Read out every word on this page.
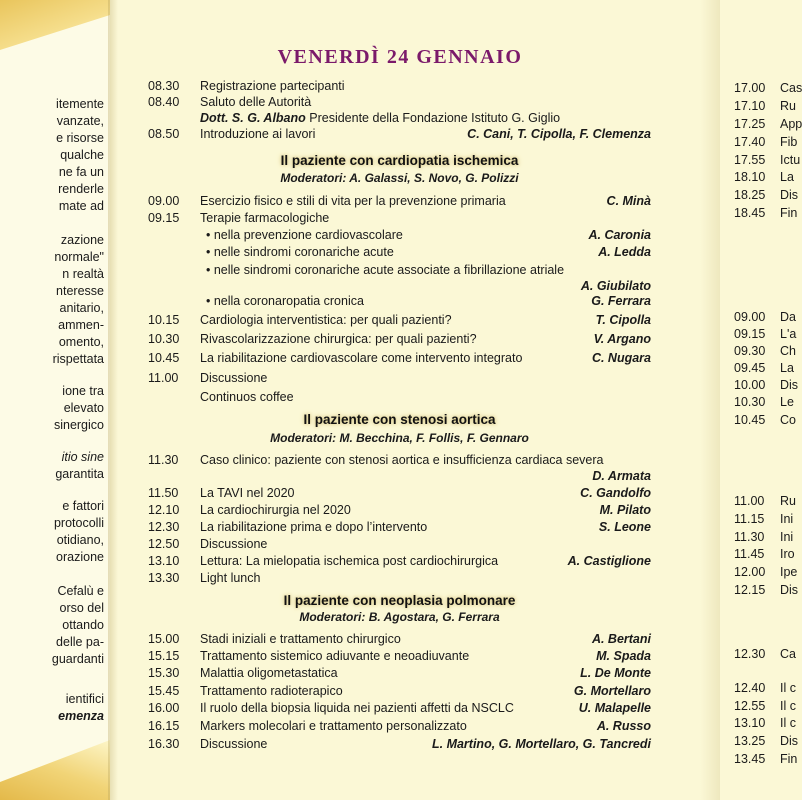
itemente
vanzate,
e risorse
qualche
ne fa un
renderle
mate ad
zazione
normale"
n realtà
nteresse
anitario,
ammen-
omento,
rispettata
ione tra
elevato
sinergico
itio sine
garantita
e fattori
protocolli
otidiano,
orazione
Cefalù e
orso del
ottando
delle pa-
guardanti
ientifici
emenza
VENERDÌ 24 GENNAIO
08.30 Registrazione partecipanti
08.40 Saluto delle Autorità
Dott. S. G. Albano Presidente della Fondazione Istituto G. Giglio
08.50 Introduzione ai lavori	C. Cani, T. Cipolla, F. Clemenza
Il paziente con cardiopatia ischemica
Moderatori: A. Galassi, S. Novo, G. Polizzi
09.00 Esercizio fisico e stili di vita per la prevenzione primaria	C. Minà
09.15 Terapie farmacologiche
• nella prevenzione cardiovascolare	A. Caronia
• nelle sindromi coronariche acute	A. Ledda
• nelle sindromi coronariche acute associate a fibrillazione atriale
A. Giubilato
• nella coronaropatia cronica	G. Ferrara
10.15 Cardiologia interventistica: per quali pazienti?	T. Cipolla
10.30 Rivascolarizzazione chirurgica: per quali pazienti?	V. Argano
10.45 La riabilitazione cardiovascolare come intervento integrato	C. Nugara
11.00 Discussione
Continuos coffee
Il paziente con stenosi aortica
Moderatori: M. Becchina, F. Follis, F. Gennaro
11.30 Caso clinico: paziente con stenosi aortica e insufficienza cardiaca severa
D. Armata
11.50 La TAVI nel 2020	C. Gandolfo
12.10 La cardiochirurgia nel 2020	M. Pilato
12.30 La riabilitazione prima e dopo l’intervento	S. Leone
12.50 Discussione
13.10 Lettura: La mielopatia ischemica post cardiochirurgica	A. Castiglione
13.30 Light lunch
Il paziente con neoplasia polmonare
Moderatori: B. Agostara, G. Ferrara
15.00 Stadi iniziali e trattamento chirurgico	A. Bertani
15.15 Trattamento sistemico adiuvante e neoadiuvante	M. Spada
15.30 Malattia oligometastatica	L. De Monte
15.45 Trattamento radioterapico	G. Mortellaro
16.00 Il ruolo della biopsia liquida nei pazienti affetti da NSCLC	U. Malapelle
16.15 Markers molecolari e trattamento personalizzato	A. Russo
16.30 Discussione	L. Martino, G. Mortellaro, G. Tancredi
17.00 Cas
17.10 Ru
17.25 App
17.40 Fib
17.55 Ictu
18.10 La
18.25 Dis
18.45 Fin
09.00 Da
09.15 L'a
09.30 Ch
09.45 La
10.00 Dis
10.30 Le
10.45 Co
11.00 Ru
11.15 Ini
11.30 Ini
11.45 Iro
12.00 Ipe
12.15 Dis
12.30 Ca
12.40 Il c
12.55 Il c
13.10 Il c
13.25 Dis
13.45 Fin
